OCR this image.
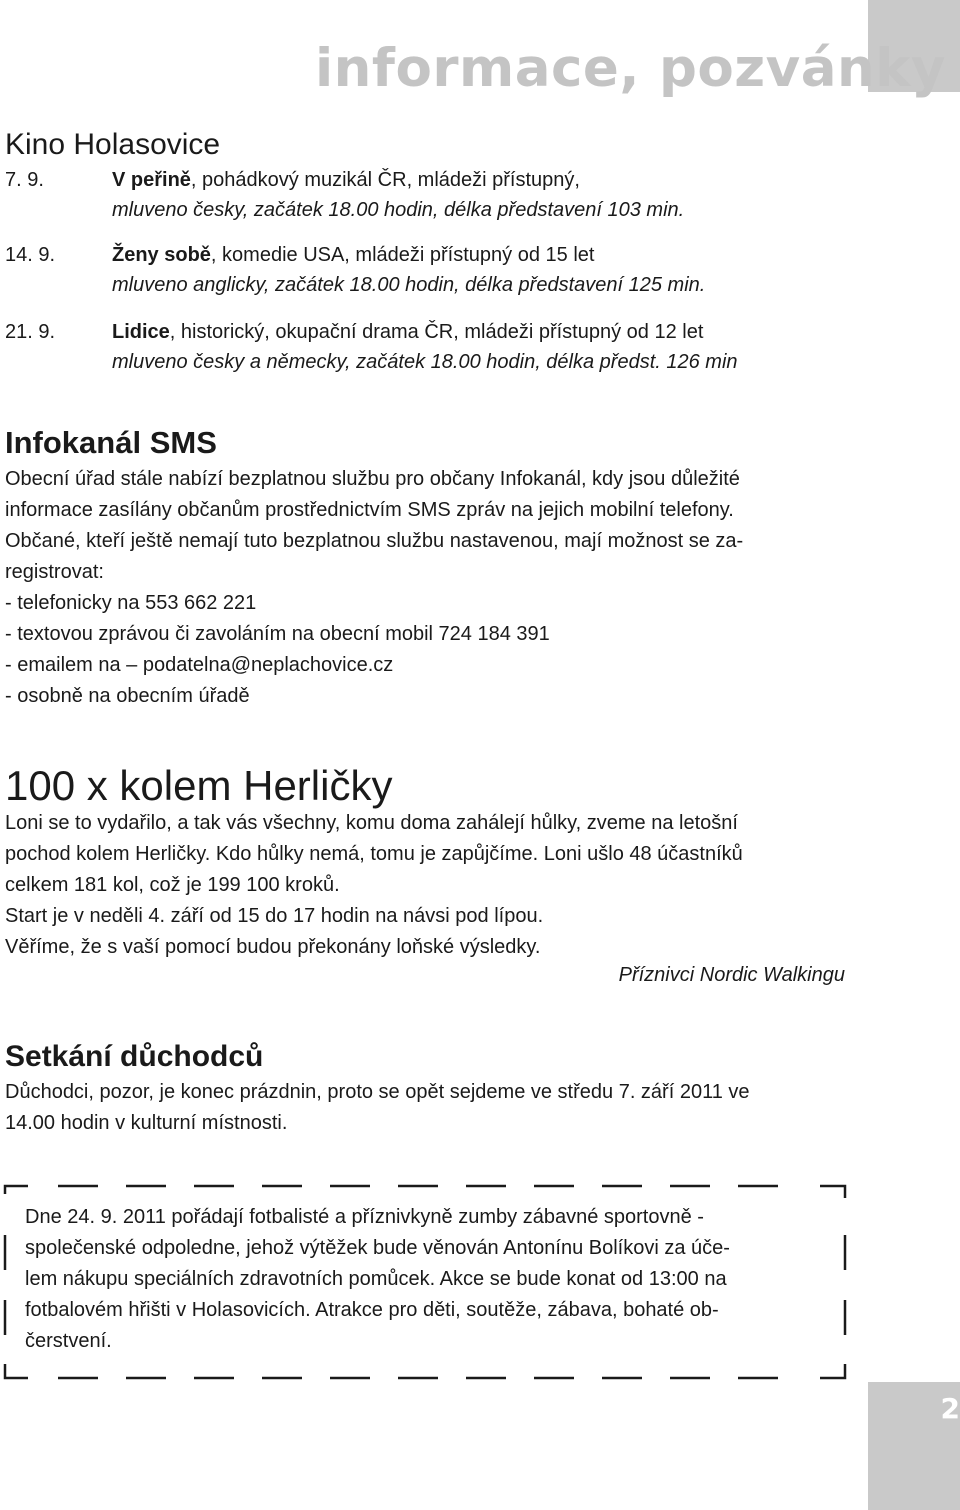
2
informace, pozvánky
Kino Holasovice
7. 9.	V peřině, pohádkový muzikál ČR, mládeži přístupný,
mluveno česky, začátek 18.00 hodin, délka představení 103 min.
14. 9.	Ženy sobě, komedie USA, mládeži přístupný od 15 let
mluveno anglicky, začátek 18.00 hodin, délka představení 125 min.
21. 9.	Lidice, historický, okupační drama ČR, mládeži přístupný od 12 let
mluveno česky a německy, začátek 18.00 hodin, délka předst. 126 min
Infokanál SMS
Obecní úřad stále nabízí bezplatnou službu pro občany Infokanál, kdy jsou důležité
informace zasílány občanům prostřednictvím SMS zpráv na jejich mobilní telefony.
Občané, kteří ještě nemají tuto bezplatnou službu nastavenou, mají možnost se za-
registrovat:
- telefonicky na 553 662 221
- textovou zprávou či zavoláním na obecní mobil 724 184 391
- emailem na – podatelna@neplachovice.cz
- osobně na obecním úřadě
100 x kolem Herličky
Loni se to vydařilo, a tak vás všechny, komu doma zahálejí hůlky, zveme na letošní
pochod kolem Herličky. Kdo hůlky nemá, tomu je zapůjčíme. Loni ušlo 48 účastníků
celkem 181 kol, což je 199 100 kroků.
Start je v neděli 4. září od 15 do 17 hodin na návsi pod lípou.
Věříme, že s vaší pomocí budou překonány loňské výsledky.
Příznivci Nordic Walkingu
Setkání důchodců
Důchodci, pozor, je konec prázdnin, proto se opět sejdeme ve středu 7. září 2011 ve
14.00 hodin v kulturní místnosti.
Dne 24. 9. 2011 pořádají fotbalisté a příznivkyně zumby zábavné sportovně -
společenské odpoledne, jehož výtěžek bude věnován Antonínu Bolíkovi za úče-
lem nákupu speciálních zdravotních pomůcek. Akce se bude konat od 13:00 na
fotbalovém hřišti v Holasovicích. Atrakce pro děti, soutěže, zábava, bohaté ob-
čerstvení.
